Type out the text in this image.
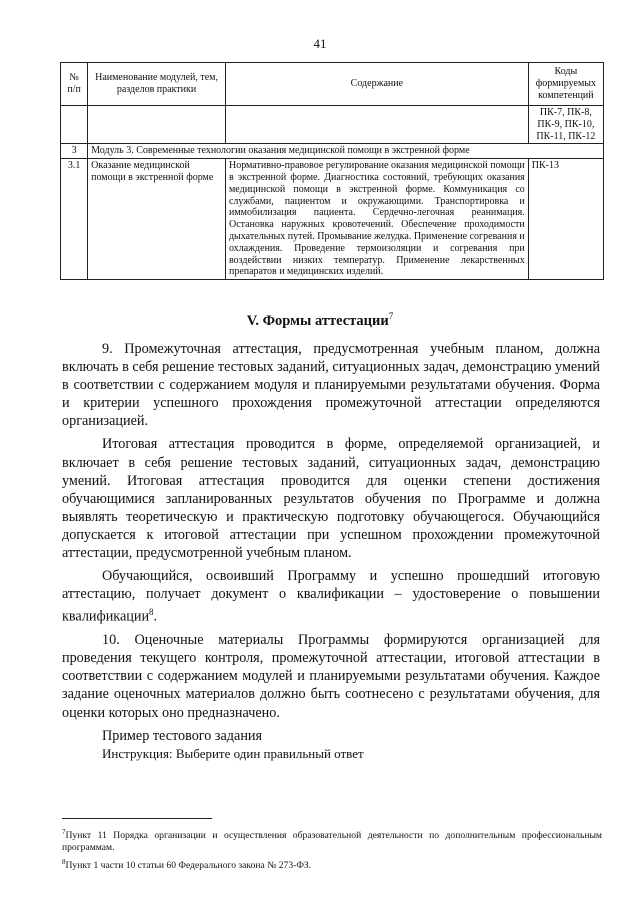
41
№ п/п	Наименование модулей, тем, разделов практики	Содержание	Коды формируемых компетенций
			ПК-7, ПК-8, ПК-9, ПК-10, ПК-11, ПК-12
3	Модуль 3. Современные технологии оказания медицинской помощи в экстренной форме		
3.1	Оказание медицинской помощи в экстренной форме	Нормативно-правовое регулирование оказания медицинской помощи в экстренной форме. Диагностика состояний, требующих оказания медицинской помощи в экстренной форме. Коммуникация со службами, пациентом и окружающими. Транспортировка и иммобилизация пациента. Сердечно-легочная реанимация. Остановка наружных кровотечений. Обеспечение проходимости дыхательных путей. Промывание желудка. Применение согревания и охлаждения. Проведение термоизоляции и согревания при воздействии низких температур. Применение лекарственных препаратов и медицинских изделий.	ПК-13
V. Формы аттестации$^7$

9. Промежуточная аттестация, предусмотренная учебным планом, должна включать в себя решение тестовых заданий, ситуационных задач, демонстрацию умений в соответствии с содержанием модуля и планируемыми результатами обучения. Форма и критерии успешного прохождения промежуточной аттестации определяются организацией.

Итоговая аттестация проводится в форме, определяемой организацией, и включает в себя решение тестовых заданий, ситуационных задач, демонстрацию умений. Итоговая аттестация проводится для оценки степени достижения обучающимися запланированных результатов обучения по Программе и должна выявлять теоретическую и практическую подготовку обучающегося. Обучающийся допускается к итоговой аттестации при успешном прохождении промежуточной аттестации, предусмотренной учебным планом.

Обучающийся, освоивший Программу и успешно прошедший итоговую аттестацию, получает документ о квалификации – удостоверение о повышении квалификации$^8$.

10. Оценочные материалы Программы формируются организацией для проведения текущего контроля, промежуточной аттестации, итоговой аттестации в соответствии с содержанием модулей и планируемыми результатами обучения. Каждое задание оценочных материалов должно быть соотнесено с результатами обучения, для оценки которых оно предназначено.

Пример тестового задания

Инструкция: Выберите один правильный ответ

$^7$Пункт 11 Порядка организации и осуществления образовательной деятельности по дополнительным профессиональным программам.

$^8$Пункт 1 части 10 статьи 60 Федерального закона № 273-ФЗ.
